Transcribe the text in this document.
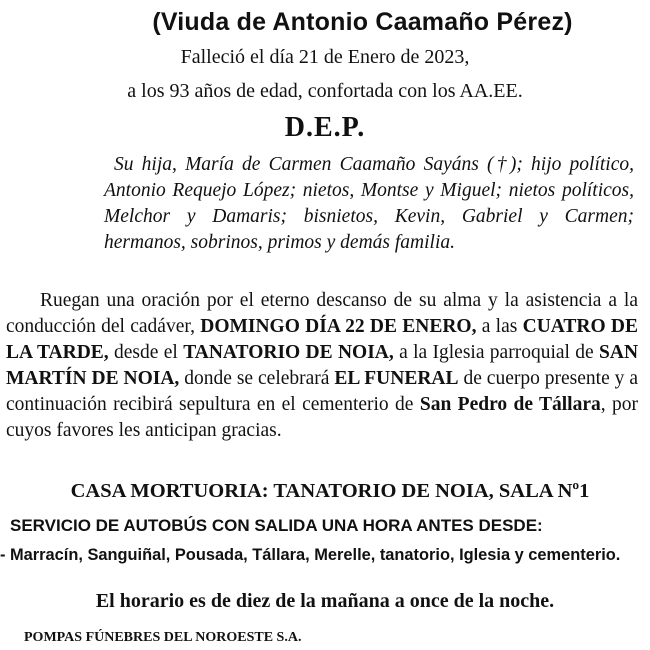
(Viuda de Antonio Caamaño Pérez)
Falleció el día 21 de Enero de 2023,
a los 93 años de edad, confortada con los AA.EE.
D.E.P.
Su hija, María de Carmen Caamaño Sayáns (†); hijo político, Antonio Requejo López; nietos, Montse y Miguel; nietos políticos, Melchor y Damaris; bisnietos, Kevin, Gabriel y Carmen; hermanos, sobrinos, primos y demás familia.
Ruegan una oración por el eterno descanso de su alma y la asistencia a la conducción del cadáver, DOMINGO DÍA 22 DE ENERO, a las CUATRO DE LA TARDE, desde el TANATORIO DE NOIA, a la Iglesia parroquial de SAN MARTÍN DE NOIA, donde se celebrará EL FUNERAL de cuerpo presente y a continuación recibirá sepultura en el cementerio de San Pedro de Tállara, por cuyos favores les anticipan gracias.
CASA MORTUORIA: TANATORIO DE NOIA, SALA Nº1
SERVICIO DE AUTOBÚS CON SALIDA UNA HORA ANTES DESDE:
- Marracín, Sanguiñal, Pousada, Tállara, Merelle, tanatorio, Iglesia y cementerio.
El horario es de diez de la mañana a once de la noche.
POMPAS FÚNEBRES DEL NOROESTE S.A.
